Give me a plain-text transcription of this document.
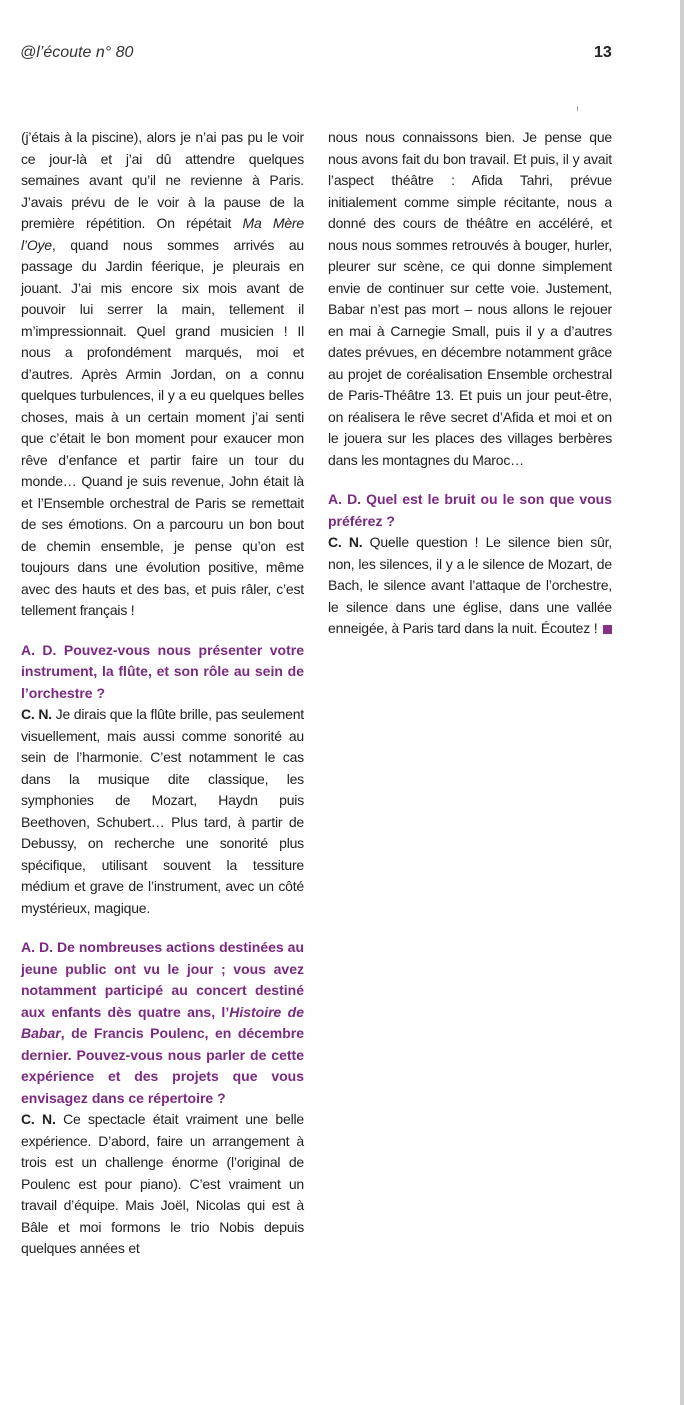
@l’écoute n° 80	13

(j’étais à la piscine), alors je n’ai pas pu le voir ce jour-là et j’ai dû attendre quelques semaines avant qu’il ne revienne à Paris. J’avais prévu de le voir à la pause de la première répétition. On répétait Ma Mère l’Oye, quand nous sommes arrivés au passage du Jardin féerique, je pleurais en jouant. J’ai mis encore six mois avant de pouvoir lui serrer la main, tellement il m’impressionnait. Quel grand musicien ! Il nous a profondément marqués, moi et d’autres. Après Armin Jordan, on a connu quelques turbulences, il y a eu quelques belles choses, mais à un certain moment j’ai senti que c’était le bon moment pour exaucer mon rêve d’enfance et partir faire un tour du monde… Quand je suis revenue, John était là et l’Ensemble orchestral de Paris se remettait de ses émotions. On a parcouru un bon bout de chemin ensemble, je pense qu’on est toujours dans une évolution positive, même avec des hauts et des bas, et puis râler, c’est tellement français !

A. D. Pouvez-vous nous présenter votre instrument, la flûte, et son rôle au sein de l’orchestre ?

C. N. Je dirais que la flûte brille, pas seulement visuellement, mais aussi comme sonorité au sein de l’harmonie. C’est notamment le cas dans la musique dite classique, les symphonies de Mozart, Haydn puis Beethoven, Schubert… Plus tard, à partir de Debussy, on recherche une sonorité plus spécifique, utilisant souvent la tessiture médium et grave de l’instrument, avec un côté mystérieux, magique.

A. D. De nombreuses actions destinées au jeune public ont vu le jour ; vous avez notamment participé au concert destiné aux enfants dès quatre ans, l’Histoire de Babar, de Francis Poulenc, en décembre dernier. Pouvez-vous nous parler de cette expérience et des projets que vous envisagez dans ce répertoire ?

C. N. Ce spectacle était vraiment une belle expérience. D’abord, faire un arrangement à trois est un challenge énorme (l’original de Poulenc est pour piano). C’est vraiment un travail d’équipe. Mais Joël, Nicolas qui est à Bâle et moi formons le trio Nobis depuis quelques années et

nous nous connaissons bien. Je pense que nous avons fait du bon travail. Et puis, il y avait l’aspect théâtre : Afida Tahri, prévue initialement comme simple récitante, nous a donné des cours de théâtre en accéléré, et nous nous sommes retrouvés à bouger, hurler, pleurer sur scène, ce qui donne simplement envie de continuer sur cette voie. Justement, Babar n’est pas mort – nous allons le rejouer en mai à Carnegie Small, puis il y a d’autres dates prévues, en décembre notamment grâce au projet de coréalisation Ensemble orchestral de Paris-Théâtre 13. Et puis un jour peut-être, on réalisera le rêve secret d’Afida et moi et on le jouera sur les places des villages berbères dans les montagnes du Maroc…

A. D. Quel est le bruit ou le son que vous préférez ?

C. N. Quelle question ! Le silence bien sûr, non, les silences, il y a le silence de Mozart, de Bach, le silence avant l’attaque de l’orchestre, le silence dans une église, dans une vallée enneigée, à Paris tard dans la nuit. Écoutez !
